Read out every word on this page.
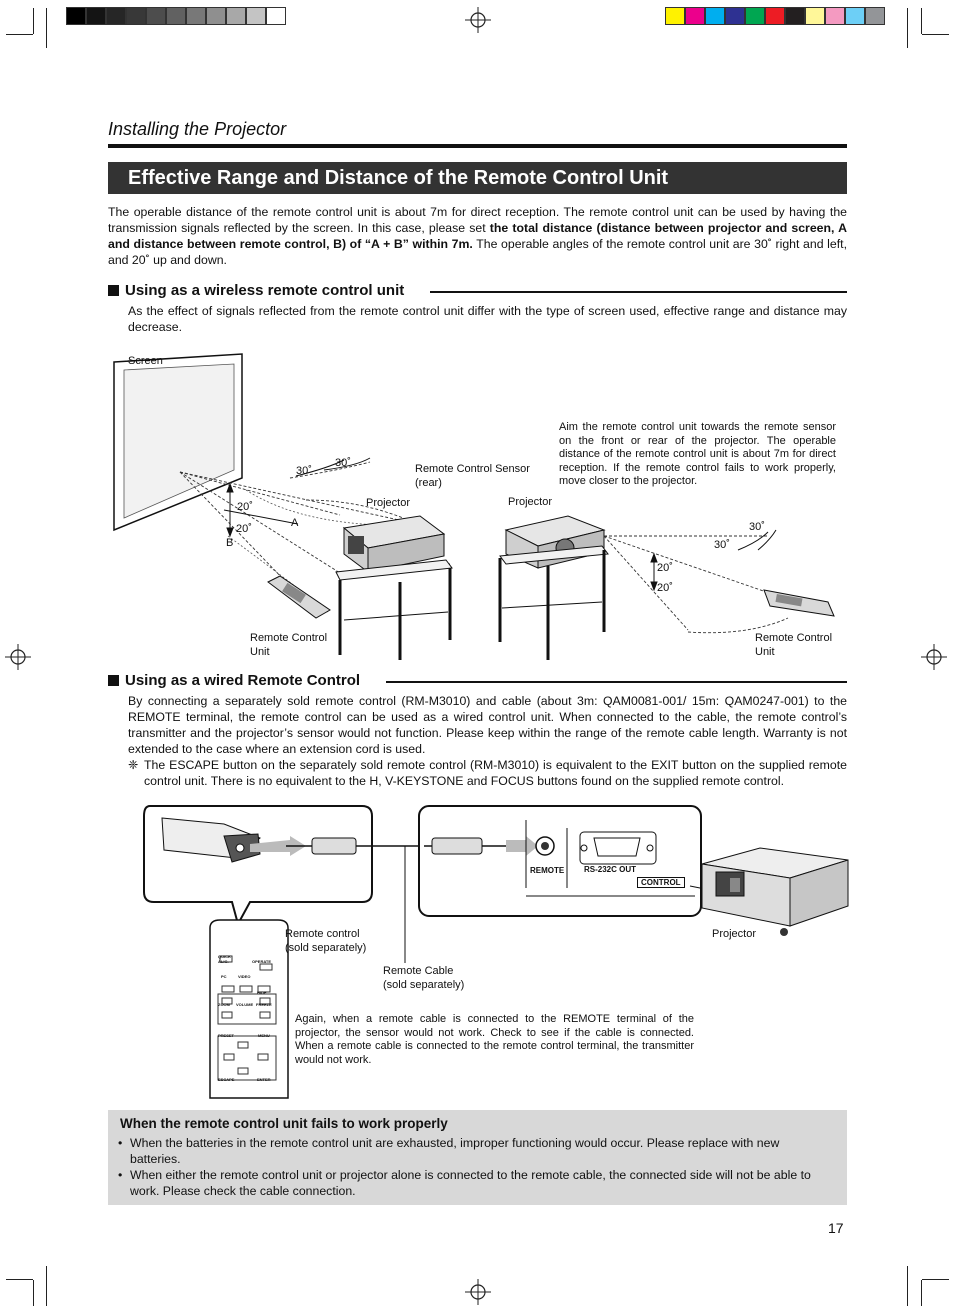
Installing the Projector
Effective Range and Distance of the Remote Control Unit
The operable distance of the remote control unit is about 7m for direct reception. The remote control unit can be used by having the transmission signals reflected by the screen. In this case, please set the total distance (distance between projector and screen, A and distance between remote control, B) of “A + B” within 7m. The operable angles of the remote control unit are 30˚ right and left, and 20˚ up and down.
Using as a wireless remote control unit
As the effect of signals reflected from the remote control unit differ with the type of screen used, effective range and distance may decrease.
Screen
30˚
30˚
20˚
20˚	A
B
Projector
Remote Control Sensor
(rear)
Projector
Remote Control
Unit
Remote Control
Unit
30˚
30˚
20˚
20˚
Aim the remote control unit towards the remote sensor on the front or rear of the projector. The operable distance of the remote control unit is about 7m for direct reception. If the remote control fails to work properly, move closer to the projector.
Using as a wired Remote Control
By connecting a separately sold remote control (RM-M3010) and cable (about 3m: QAM0081-001/ 15m: QAM0247-001) to the REMOTE terminal, the remote control can be used as a wired control unit. When connected to the cable, the remote control’s transmitter and the projector’s sensor would not function. Please keep within the range of the remote cable length. Warranty is not extended to the case where an extension cord is used.
❈ The ESCAPE button on the separately sold remote control (RM-M3010) is equivalent to the EXIT button on the supplied remote control unit. There is no equivalent to the H, V-KEYSTONE and FOCUS buttons found on the supplied remote control.
REMOTE RS-232C OUT
CONTROL
Projector
Remote control
(sold separately)
Remote Cable
(sold separately)
Again, when a remote cable is connected to the REMOTE terminal of the projector, the sensor would not work. Check to see if the cable is connected. When a remote cable is connected to the remote control terminal, the transmitter would not work.
QUICK ALIG.	OPERATE
PC	VIDEO
HIDE
ZOOM VOLUME FREEZE
PRESET	MENU
ESCAPE	ENTER
When the remote control unit fails to work properly
• When the batteries in the remote control unit are exhausted, improper functioning would occur. Please replace with new batteries.
• When either the remote control unit or projector alone is connected to the remote cable, the connected side will not be able to work. Please check the cable connection.
17
